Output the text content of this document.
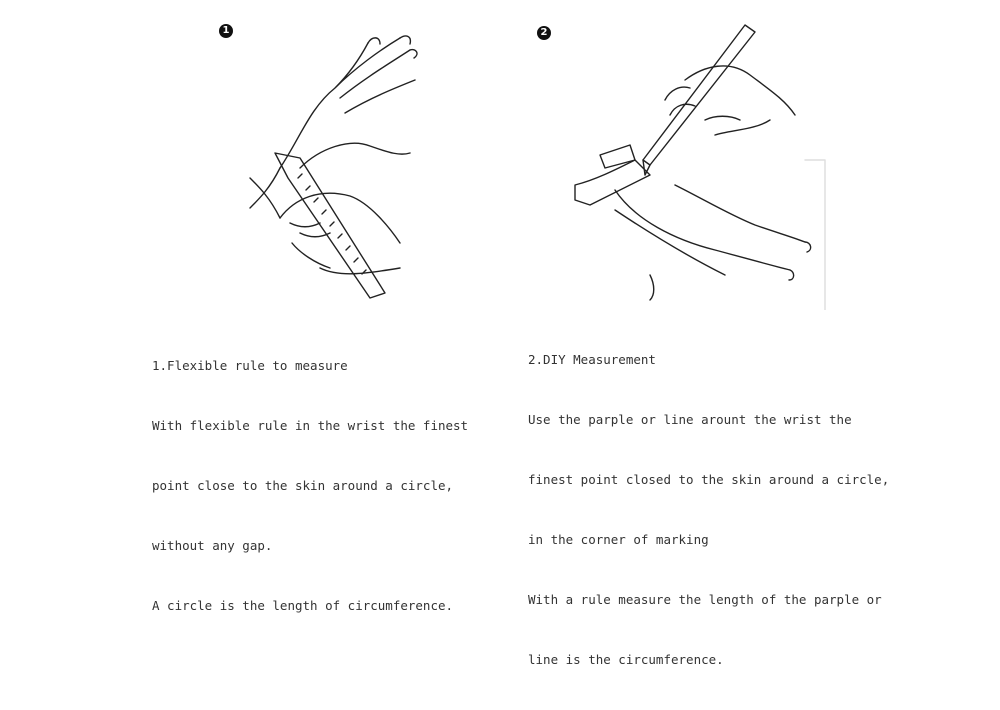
1

1.Flexible rule to measure

With flexible rule in the wrist the finest

point close to the skin around a circle,

without any gap.

A circle is the length of circumference.

2

2.DIY Measurement

Use the parple or line arount the wrist the

finest point closed to the skin around a circle,

in the corner of marking

With a rule measure the length of the parple or

line is the circumference.
